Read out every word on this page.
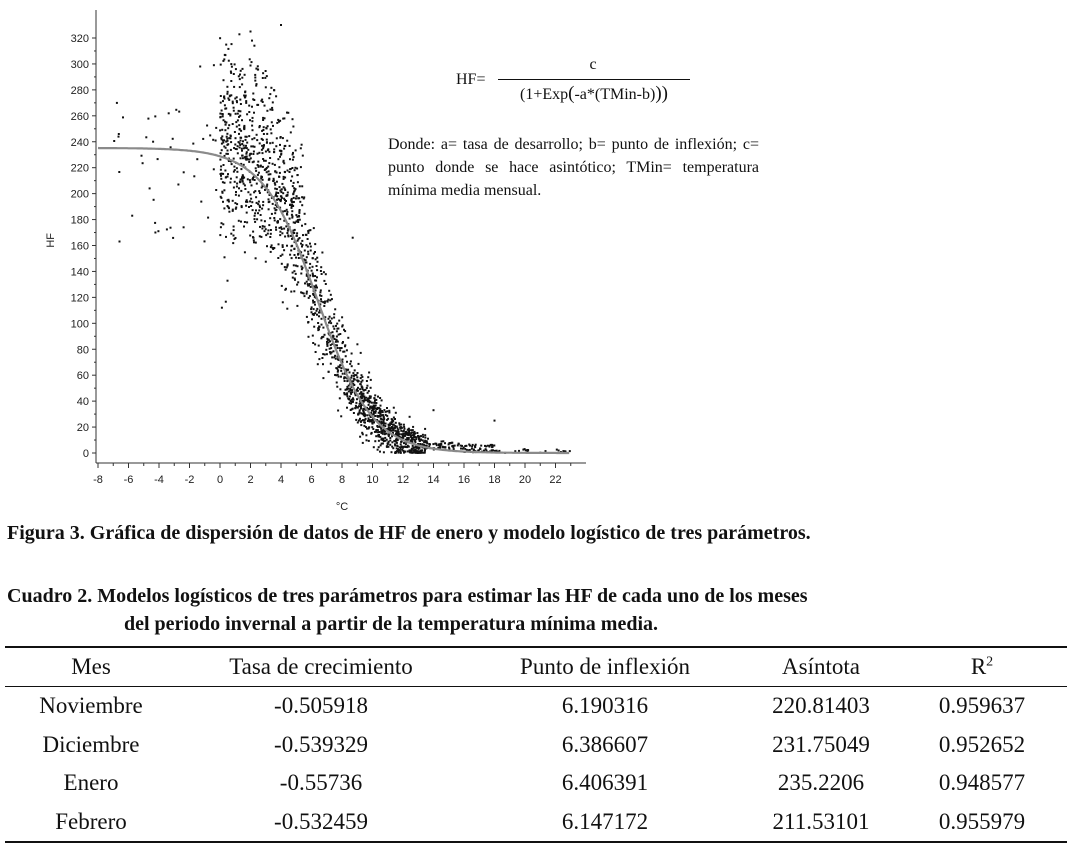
0
20
40
60
80
100
120
140
160
180
200
220
240
260
280
300
320
-8 -6 -4 -2 0 2 4 6 8 10 12 14 16 18 20 22
°C
HF
HF=
c
(1+Exp(-a*(TMin-b)))
Donde: a= tasa de desarrollo; b= punto de inflexión; c= punto donde se hace asintótico; TMin= temperatura mínima media mensual.
Figura 3. Gráfica de dispersión de datos de HF de enero y modelo logístico de tres parámetros.
Cuadro 2. Modelos logísticos de tres parámetros para estimar las HF de cada uno de los meses
del periodo invernal a partir de la temperatura mínima media.
Mes	Tasa de crecimiento	Punto de inflexión	Asíntota	$R^2$
Noviembre	-0.505918	6.190316	220.81403	0.959637
Diciembre	-0.539329	6.386607	231.75049	0.952652
Enero	-0.55736	6.406391	235.2206	0.948577
Febrero	-0.532459	6.147172	211.53101	0.955979
